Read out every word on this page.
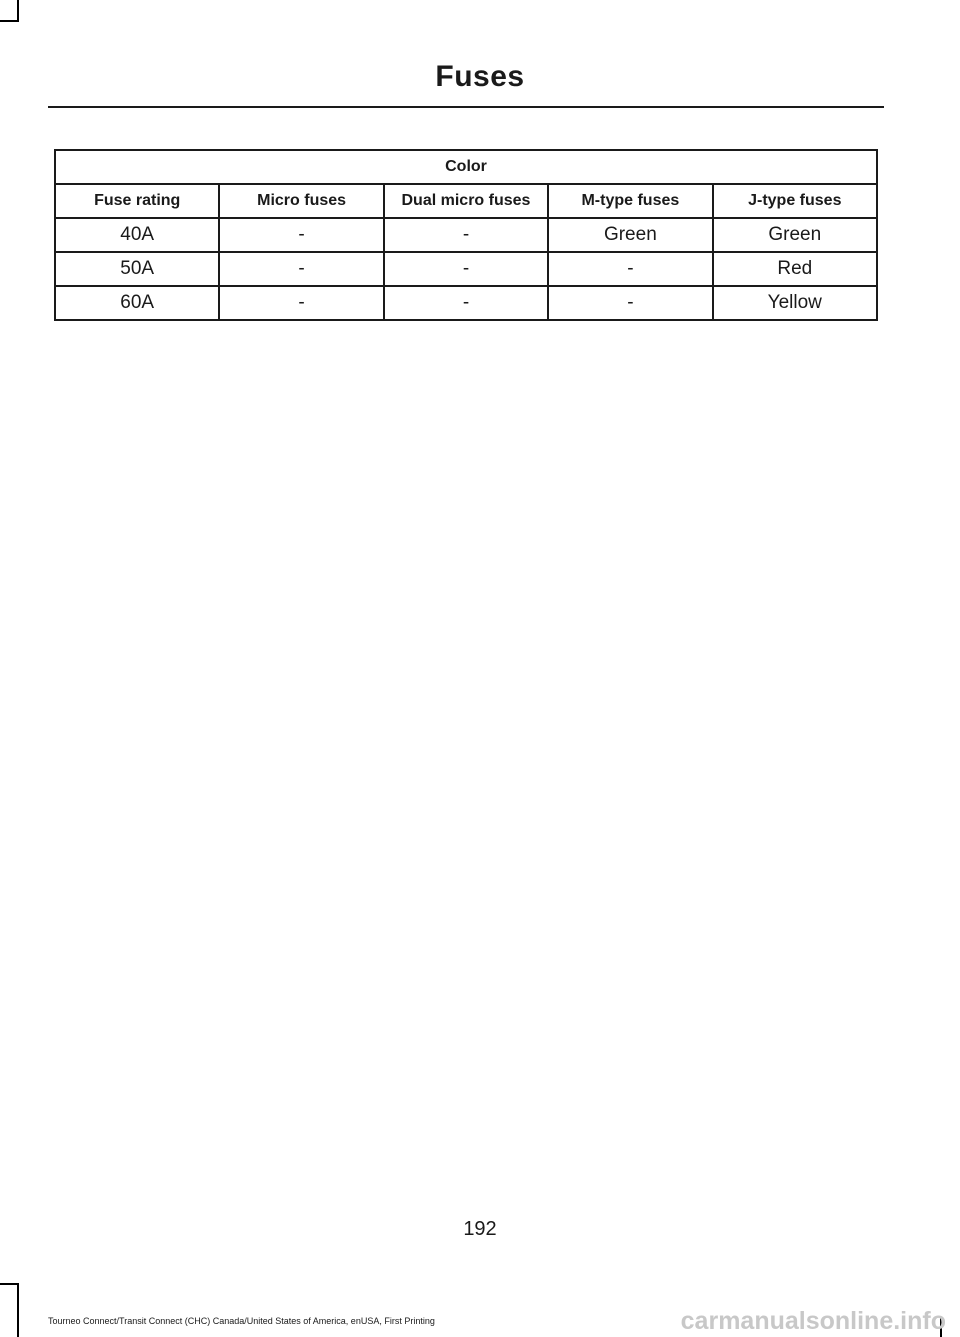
Fuses
Color				
Fuse rating	Micro fuses	Dual micro fuses	M-type fuses	J-type fuses
40A	-	-	Green	Green
50A	-	-	-	Red
60A	-	-	-	Yellow
192
Tourneo Connect/Transit Connect (CHC) Canada/United States of America, enUSA, First Printing	carmanualsonline.info
